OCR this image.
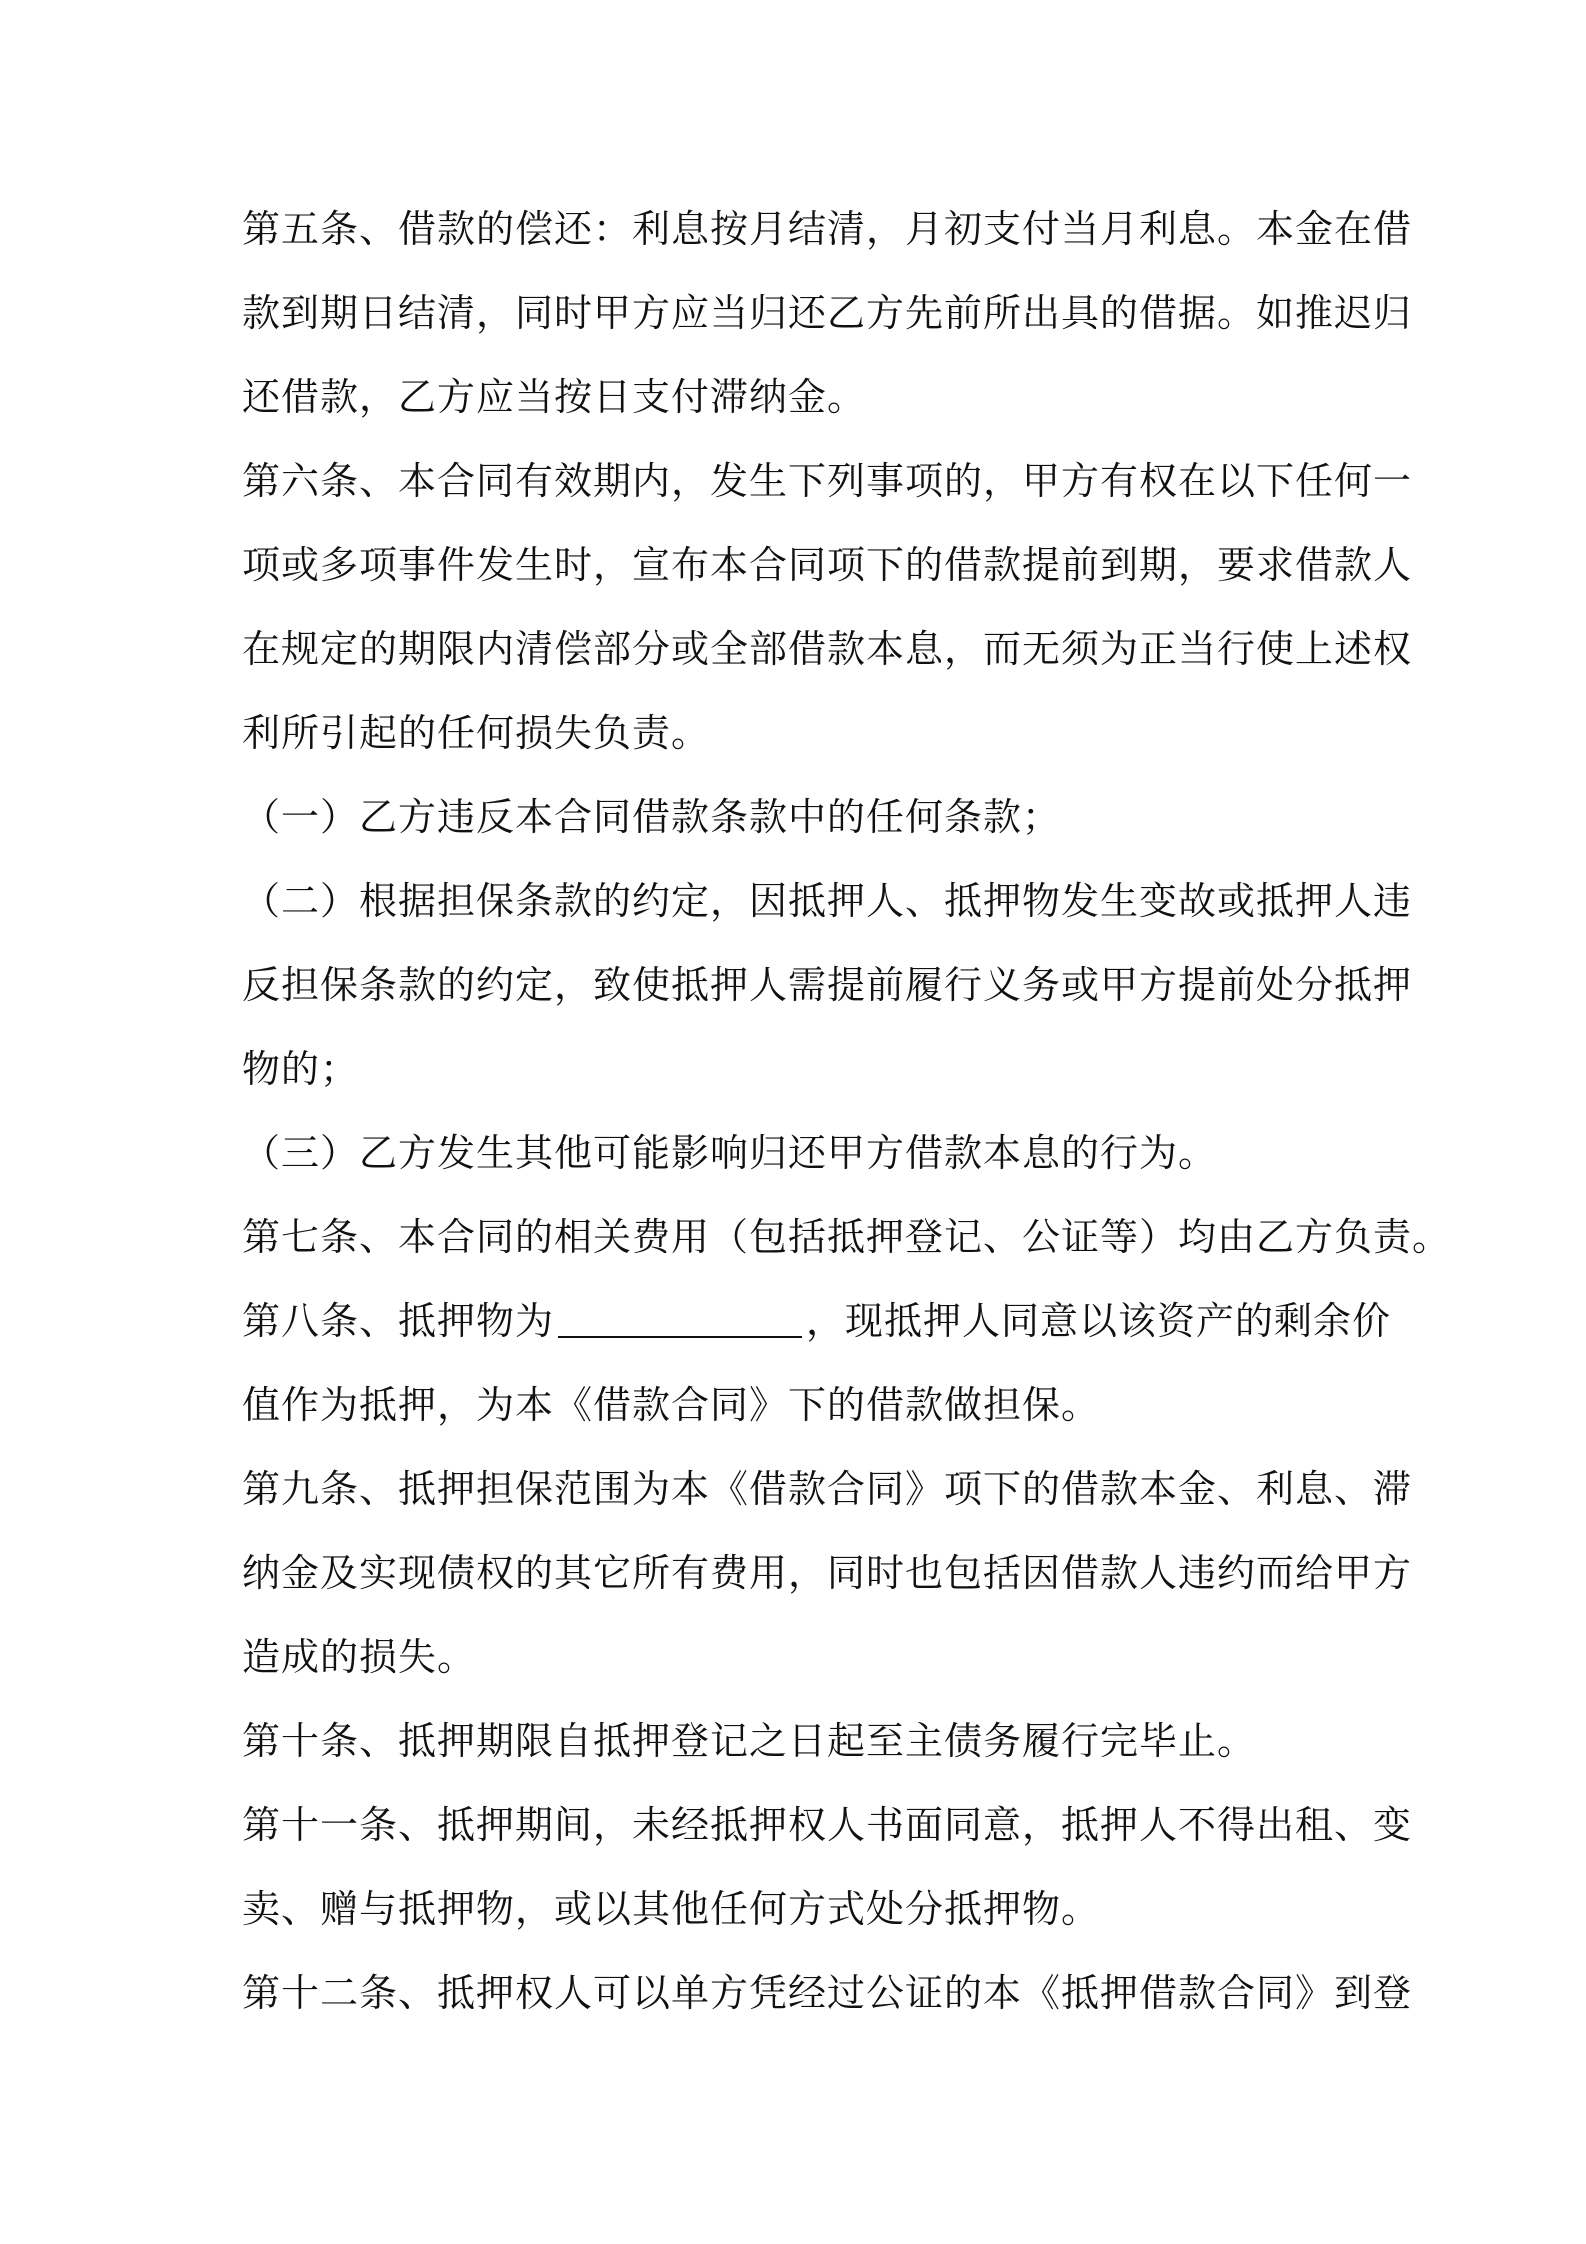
第五条、借款的偿还：利息按月结清，月初支付当月利息。本金在借
款到期日结清，同时甲方应当归还乙方先前所出具的借据。如推迟归
还借款，乙方应当按日支付滞纳金。
第六条、本合同有效期内，发生下列事项的，甲方有权在以下任何一
项或多项事件发生时，宣布本合同项下的借款提前到期，要求借款人
在规定的期限内清偿部分或全部借款本息，而无须为正当行使上述权
利所引起的任何损失负责。
（一）乙方违反本合同借款条款中的任何条款；
（二）根据担保条款的约定，因抵押人、抵押物发生变故或抵押人违
反担保条款的约定，致使抵押人需提前履行义务或甲方提前处分抵押
物的；
（三）乙方发生其他可能影响归还甲方借款本息的行为。
第七条、本合同的相关费用（包括抵押登记、公证等）均由乙方负责。
第八条、抵押物为	，现抵押人同意以该资产的剩余价
值作为抵押，为本《借款合同》下的借款做担保。
第九条、抵押担保范围为本《借款合同》项下的借款本金、利息、滞
纳金及实现债权的其它所有费用，同时也包括因借款人违约而给甲方
造成的损失。
第十条、抵押期限自抵押登记之日起至主债务履行完毕止。
第十一条、抵押期间，未经抵押权人书面同意，抵押人不得出租、变
卖、赠与抵押物，或以其他任何方式处分抵押物。
第十二条、抵押权人可以单方凭经过公证的本《抵押借款合同》到登
